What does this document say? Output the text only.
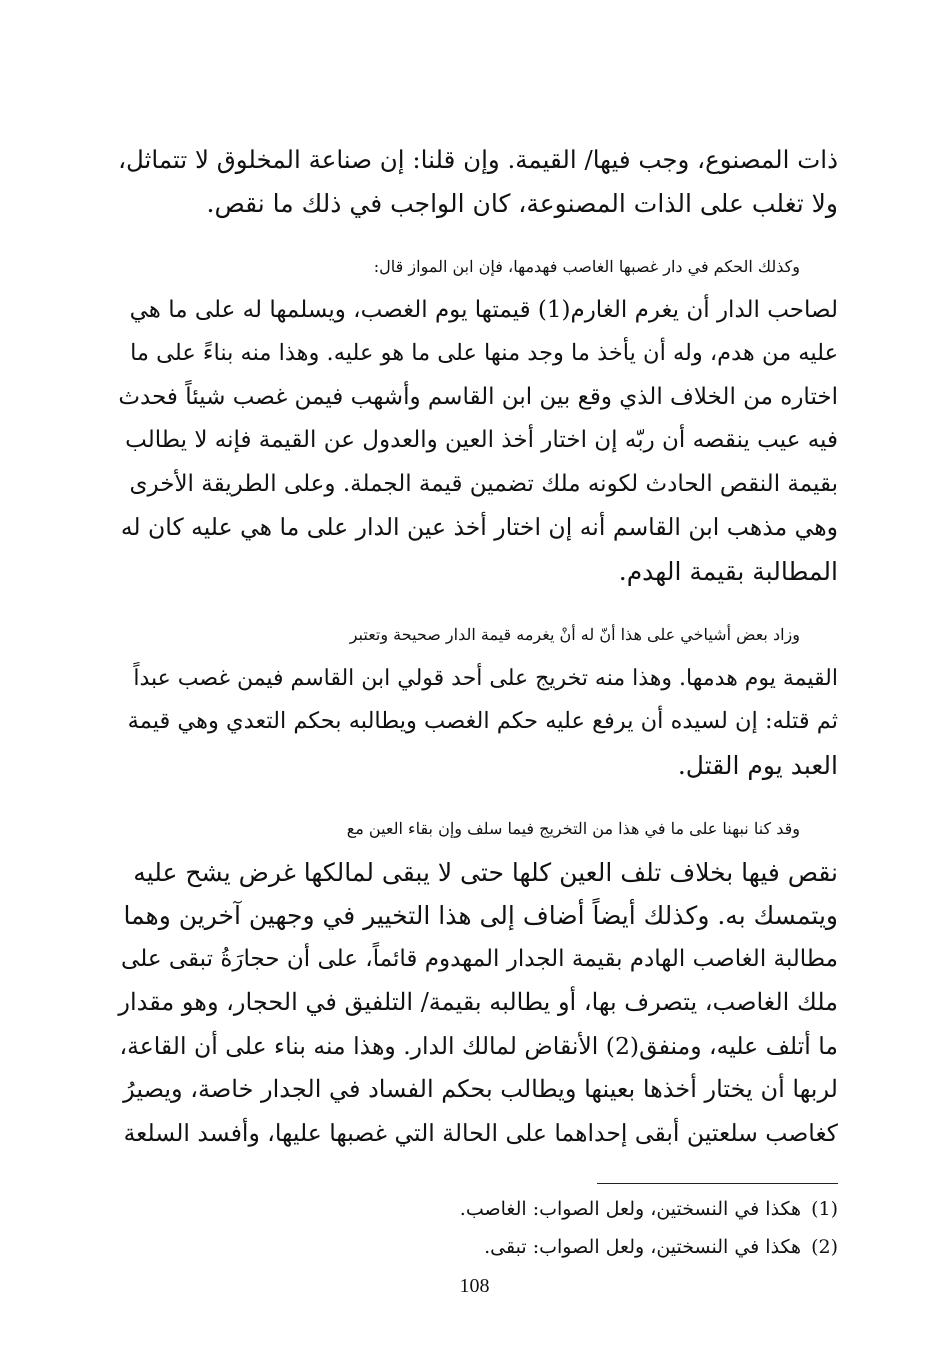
ذات المصنوع، وجب فيها/ القيمة. وإن قلنا: إن صناعة المخلوق لا تتماثل،
ولا تغلب على الذات المصنوعة، كان الواجب في ذلك ما نقص.
وكذلك الحكم في دار غصبها الغاصب فهدمها، فإن ابن المواز قال:
لصاحب الدار أن يغرم الغارم(1) قيمتها يوم الغصب، ويسلمها له على ما هي
عليه من هدم، وله أن يأخذ ما وجد منها على ما هو عليه. وهذا منه بناءً على ما
اختاره من الخلاف الذي وقع بين ابن القاسم وأشهب فيمن غصب شيئاً فحدث
فيه عيب ينقصه أن ربّه إن اختار أخذ العين والعدول عن القيمة فإنه لا يطالب
بقيمة النقص الحادث لكونه ملك تضمين قيمة الجملة. وعلى الطريقة الأخرى
وهي مذهب ابن القاسم أنه إن اختار أخذ عين الدار على ما هي عليه كان له
المطالبة بقيمة الهدم.
وزاد بعض أشياخي على هذا أنّ له أنْ يغرمه قيمة الدار صحيحة وتعتبر
القيمة يوم هدمها. وهذا منه تخريج على أحد قولي ابن القاسم فيمن غصب عبداً
ثم قتله: إن لسيده أن يرفع عليه حكم الغصب ويطالبه بحكم التعدي وهي قيمة
العبد يوم القتل.
وقد كنا نبهنا على ما في هذا من التخريج فيما سلف وإن بقاء العين مع
نقص فيها بخلاف تلف العين كلها حتى لا يبقى لمالكها غرض يشح عليه
ويتمسك به. وكذلك أيضاً أضاف إلى هذا التخيير في وجهين آخرين وهما
مطالبة الغاصب الهادم بقيمة الجدار المهدوم قائماً، على أن حجارَةُ تبقى على
ملك الغاصب، يتصرف بها، أو يطالبه بقيمة/ التلفيق في الحجار، وهو مقدار
ما أتلف عليه، ومنفق(2) الأنقاض لمالك الدار. وهذا منه بناء على أن القاعة،
لربها أن يختار أخذها بعينها ويطالب بحكم الفساد في الجدار خاصة، ويصيرُ
كغاصب سلعتين أبقى إحداهما على الحالة التي غصبها عليها، وأفسد السلعة
(1)هكذا في النسختين، ولعل الصواب: الغاصب.
(2)هكذا في النسختين، ولعل الصواب: تبقى.
108
